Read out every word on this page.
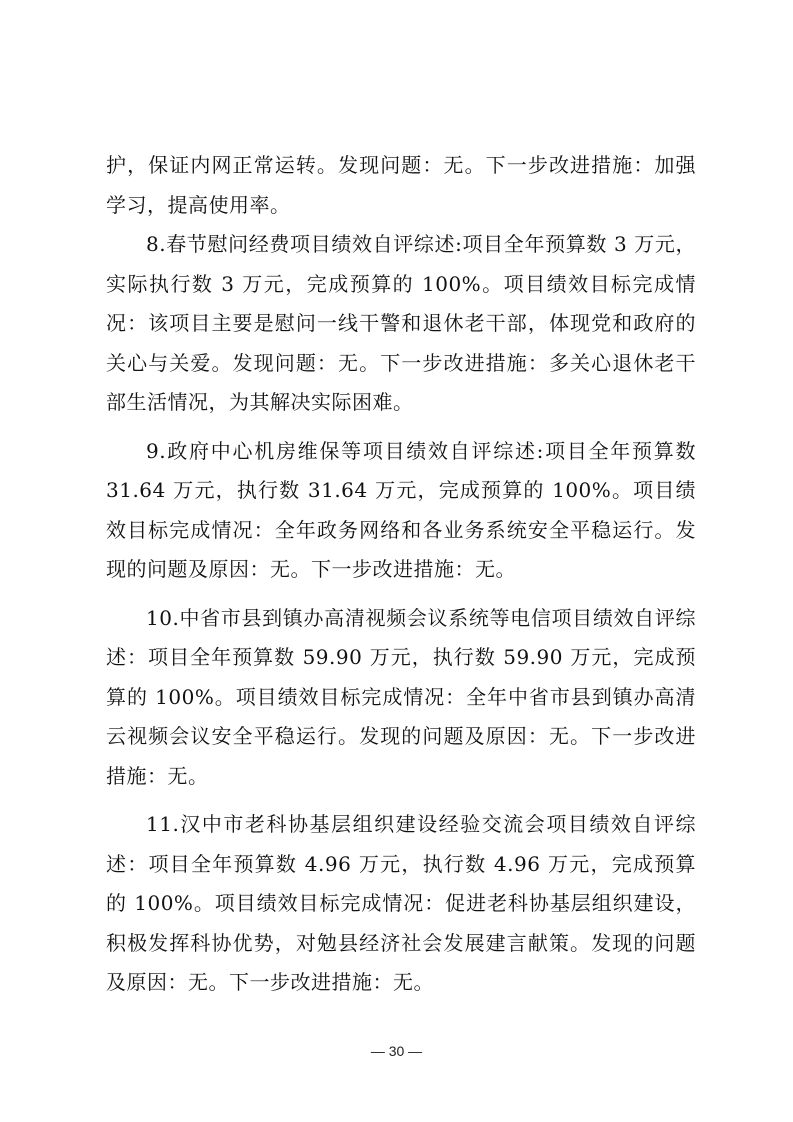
护，保证内网正常运转。发现问题：无。下一步改进措施：加强学习，提高使用率。

8.春节慰问经费项目绩效自评综述:项目全年预算数 3 万元，实际执行数 3 万元，完成预算的 100%。项目绩效目标完成情况：该项目主要是慰问一线干警和退休老干部，体现党和政府的关心与关爱。发现问题：无。下一步改进措施：多关心退休老干部生活情况，为其解决实际困难。

9.政府中心机房维保等项目绩效自评综述:项目全年预算数 31.64 万元，执行数 31.64 万元，完成预算的 100%。项目绩效目标完成情况：全年政务网络和各业务系统安全平稳运行。发现的问题及原因：无。下一步改进措施：无。

10.中省市县到镇办高清视频会议系统等电信项目绩效自评综述：项目全年预算数 59.90 万元，执行数 59.90 万元，完成预算的 100%。项目绩效目标完成情况：全年中省市县到镇办高清云视频会议安全平稳运行。发现的问题及原因：无。下一步改进措施：无。

11.汉中市老科协基层组织建设经验交流会项目绩效自评综述：项目全年预算数 4.96 万元，执行数 4.96 万元，完成预算的 100%。项目绩效目标完成情况：促进老科协基层组织建设，积极发挥科协优势，对勉县经济社会发展建言献策。发现的问题及原因：无。下一步改进措施：无。

— 30 —
